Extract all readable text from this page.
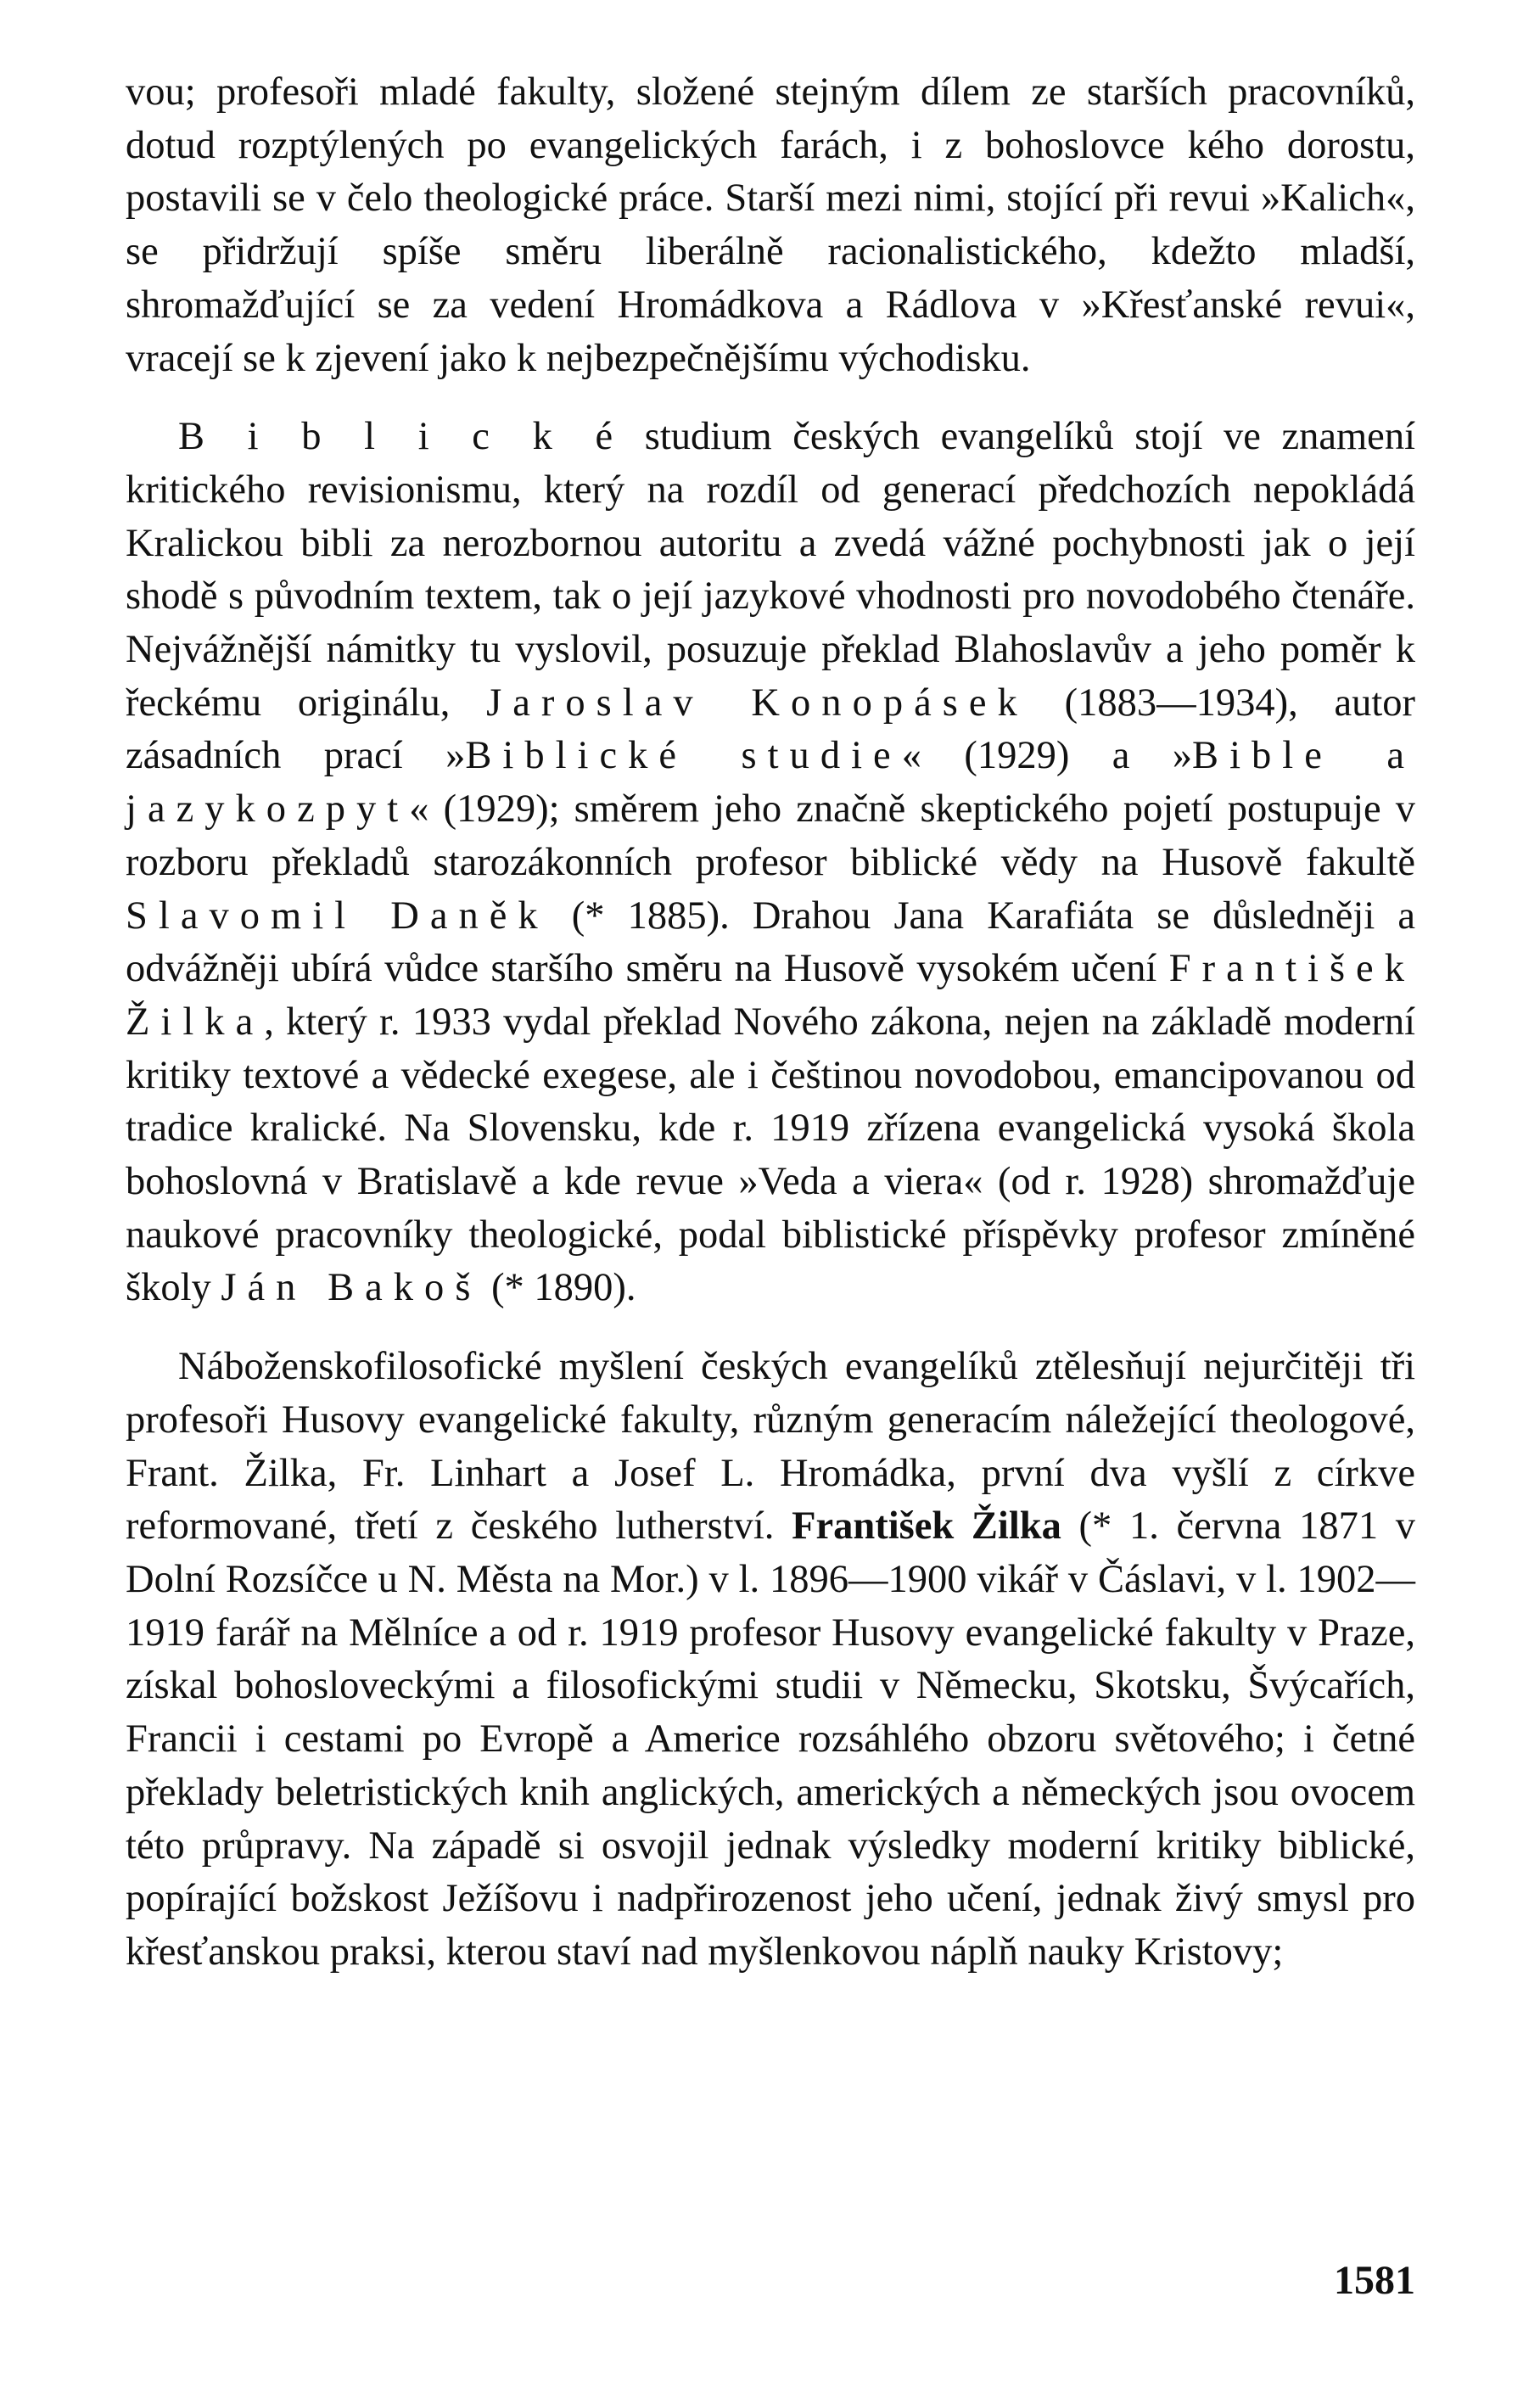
vou; profesoři mladé fakulty, složené stejným dílem ze starších pracovníků, dotud rozptýlených po evangelických farách, i z bohoslovce kého dorostu, postavili se v čelo theologické práce. Starší mezi nimi, stojící při revui »Kalich«, se přidržují spíše směru liberálně racionalistického, kdežto mladší, shromažďující se za vedení Hromádkova a Rádlova v »Křesťanské revui«, vracejí se k zjevení jako k nejbezpečnějšímu východisku.

B i b l i c k é studium českých evangelíků stojí ve znamení kritického revisionismu, který na rozdíl od generací předchozích nepokládá Kralickou bibli za nerozbornou autoritu a zvedá vážné pochybnosti jak o její shodě s původním textem, tak o její jazykové vhodnosti pro novodobého čtenáře. Nejvážnější námitky tu vyslovil, posuzuje překlad Blahoslavův a jeho poměr k řeckému originálu, Jaroslav Konopásek (1883—1934), autor zásadních prací »Biblické studie« (1929) a »Bible a jazykozpyt« (1929); směrem jeho značně skeptického pojetí postupuje v rozboru překladů starozákonních profesor biblické vědy na Husově fakultě Slavomil Daněk (* 1885). Drahou Jana Karafiáta se důsledněji a odvážněji ubírá vůdce staršího směru na Husově vysokém učení František Žilka, který r. 1933 vydal překlad Nového zákona, nejen na základě moderní kritiky textové a vědecké exegese, ale i češtinou novodobou, emancipovanou od tradice kralické. Na Slovensku, kde r. 1919 zřízena evangelická vysoká škola bohoslovná v Bratislavě a kde revue »Veda a viera« (od r. 1928) shromažďuje naukové pracovníky theologické, podal biblistické příspěvky profesor zmíněné školy Ján Bakoš (* 1890).

Náboženskofilosofické myšlení českých evangelíků ztělesňují nejurčitěji tři profesoři Husovy evangelické fakulty, různým generacím náležející theologové, Frant. Žilka, Fr. Linhart a Josef L. Hromádka, první dva vyšlí z církve reformované, třetí z českého lutherství. František Žilka (* 1. června 1871 v Dolní Rozsíčce u N. Města na Mor.) v l. 1896—1900 vikář v Čáslavi, v l. 1902—1919 farář na Mělníce a od r. 1919 profesor Husovy evangelické fakulty v Praze, získal bohosloveckými a filosofickými studii v Německu, Skotsku, Švýcařích, Francii i cestami po Evropě a Americe rozsáhlého obzoru světového; i četné překlady beletristických knih anglických, amerických a německých jsou ovocem této průpravy. Na západě si osvojil jednak výsledky moderní kritiky biblické, popírající božskost Ježíšovu i nadpřirozenost jeho učení, jednak živý smysl pro křesťanskou praksi, kterou staví nad myšlenkovou náplň nauky Kristovy;

1581
